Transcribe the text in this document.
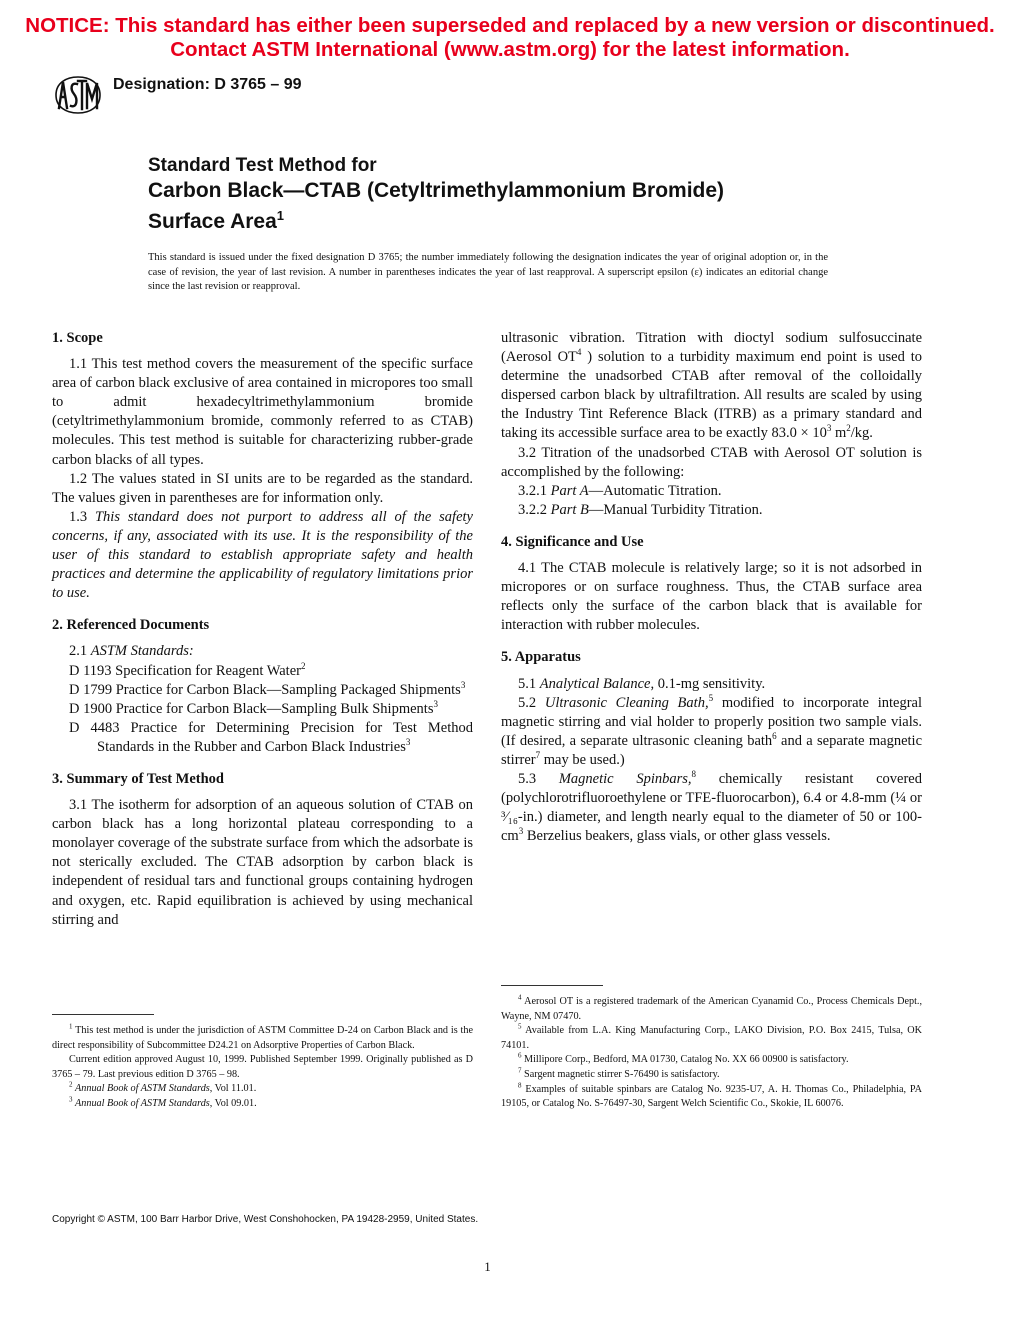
NOTICE: This standard has either been superseded and replaced by a new version or discontinued.
Contact ASTM International (www.astm.org) for the latest information.
Designation: D 3765 – 99
Standard Test Method for
Carbon Black—CTAB (Cetyltrimethylammonium Bromide)
Surface Area$^1$
This standard is issued under the fixed designation D 3765; the number immediately following the designation indicates the year of original adoption or, in the case of revision, the year of last revision. A number in parentheses indicates the year of last reapproval. A superscript epsilon (ε) indicates an editorial change since the last revision or reapproval.
1. Scope

1.1 This test method covers the measurement of the specific surface area of carbon black exclusive of area contained in micropores too small to admit hexadecyltrimethylammonium bromide (cetyltrimethylammonium bromide, commonly referred to as CTAB) molecules. This test method is suitable for characterizing rubber-grade carbon blacks of all types.

1.2 The values stated in SI units are to be regarded as the standard. The values given in parentheses are for information only.

1.3 This standard does not purport to address all of the safety concerns, if any, associated with its use. It is the responsibility of the user of this standard to establish appropriate safety and health practices and determine the applicability of regulatory limitations prior to use.

2. Referenced Documents

2.1 ASTM Standards:

D 1193 Specification for Reagent Water$^2$

D 1799 Practice for Carbon Black—Sampling Packaged Shipments$^3$

D 1900 Practice for Carbon Black—Sampling Bulk Shipments$^3$

D 4483 Practice for Determining Precision for Test Method Standards in the Rubber and Carbon Black Industries$^3$

3. Summary of Test Method

3.1 The isotherm for adsorption of an aqueous solution of CTAB on carbon black has a long horizontal plateau corresponding to a monolayer coverage of the substrate surface from which the adsorbate is not sterically excluded. The CTAB adsorption by carbon black is independent of residual tars and functional groups containing hydrogen and oxygen, etc. Rapid equilibration is achieved by using mechanical stirring and

ultrasonic vibration. Titration with dioctyl sodium sulfosuccinate (Aerosol $OT^4$ ) solution to a turbidity maximum end point is used to determine the unadsorbed CTAB after removal of the colloidally dispersed carbon black by ultrafiltration. All results are scaled by using the Industry Tint Reference Black (ITRB) as a primary standard and taking its accessible surface area to be exactly $83.0 \times 10^3$ $m^2/kg$.

3.2 Titration of the unadsorbed CTAB with Aerosol OT solution is accomplished by the following:

3.2.1 Part A—Automatic Titration.

3.2.2 Part B—Manual Turbidity Titration.

4. Significance and Use

4.1 The CTAB molecule is relatively large; so it is not adsorbed in micropores or on surface roughness. Thus, the CTAB surface area reflects only the surface of the carbon black that is available for interaction with rubber molecules.

5. Apparatus

5.1 Analytical Balance, 0.1-mg sensitivity.

5.2 Ultrasonic Cleaning Bath,$^5$ modified to incorporate integral magnetic stirring and vial holder to properly position two sample vials. (If desired, a separate ultrasonic cleaning bath$^6$ and a separate magnetic stirrer$^7$ may be used.)

5.3 Magnetic Spinbars,$^8$ chemically resistant covered (polychlorotrifluoroethylene or TFE-fluorocarbon), 6.4 or 4.8-mm (¼ or ³⁄₁₆-in.) diameter, and length nearly equal to the diameter of 50 or $100-cm^3$ Berzelius beakers, glass vials, or other glass vessels.

$^1$ This test method is under the jurisdiction of ASTM Committee D-24 on Carbon Black and is the direct responsibility of Subcommittee D24.21 on Adsorptive Properties of Carbon Black.

Current edition approved August 10, 1999. Published September 1999. Originally published as D 3765 – 79. Last previous edition D 3765 – 98.

$^2$ Annual Book of ASTM Standards, Vol 11.01.

$^3$ Annual Book of ASTM Standards, Vol 09.01.

$^4$ Aerosol OT is a registered trademark of the American Cyanamid Co., Process Chemicals Dept., Wayne, NM 07470.

$^5$ Available from L.A. King Manufacturing Corp., LAKO Division, P.O. Box 2415, Tulsa, OK 74101.

$^6$ Millipore Corp., Bedford, MA 01730, Catalog No. XX 66 00900 is satisfactory.

$^7$ Sargent magnetic stirrer S-76490 is satisfactory.

$^8$ Examples of suitable spinbars are Catalog No. 9235-U7, A. H. Thomas Co., Philadelphia, PA 19105, or Catalog No. S-76497-30, Sargent Welch Scientific Co., Skokie, IL 60076.

Copyright © ASTM, 100 Barr Harbor Drive, West Conshohocken, PA 19428-2959, United States.
1
